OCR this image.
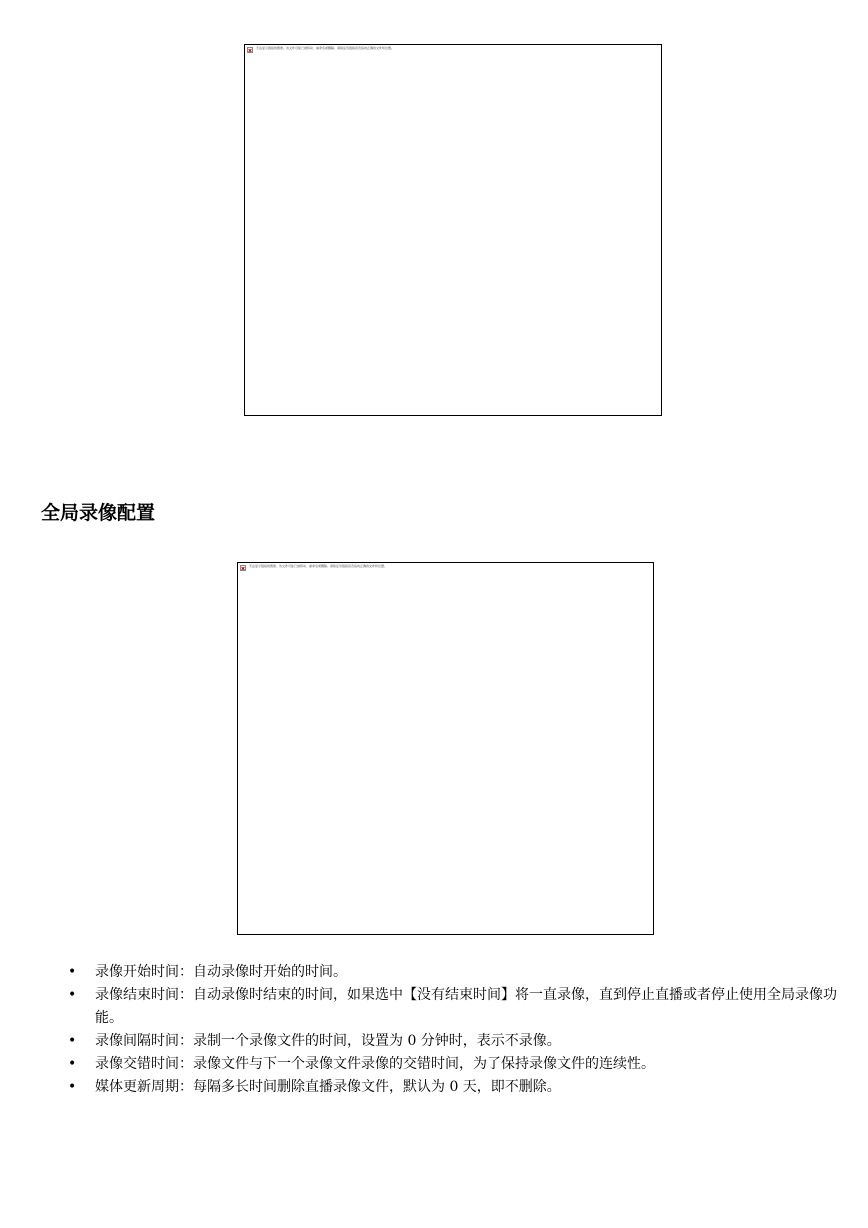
无法显示链接的图像。该文件可能已被移动、重命名或删除。请验证该链接是否指向正确的文件和位置。
全局录像配置
无法显示链接的图像。该文件可能已被移动、重命名或删除。请验证该链接是否指向正确的文件和位置。
• 录像开始时间：自动录像时开始的时间。
• 录像结束时间：自动录像时结束的时间，如果选中【没有结束时间】将一直录像，直到停止直播或者停止使用全局录像功能。
• 录像间隔时间：录制一个录像文件的时间，设置为 0 分钟时，表示不录像。
• 录像交错时间：录像文件与下一个录像文件录像的交错时间，为了保持录像文件的连续性。
• 媒体更新周期：每隔多长时间删除直播录像文件，默认为 0 天，即不删除。
